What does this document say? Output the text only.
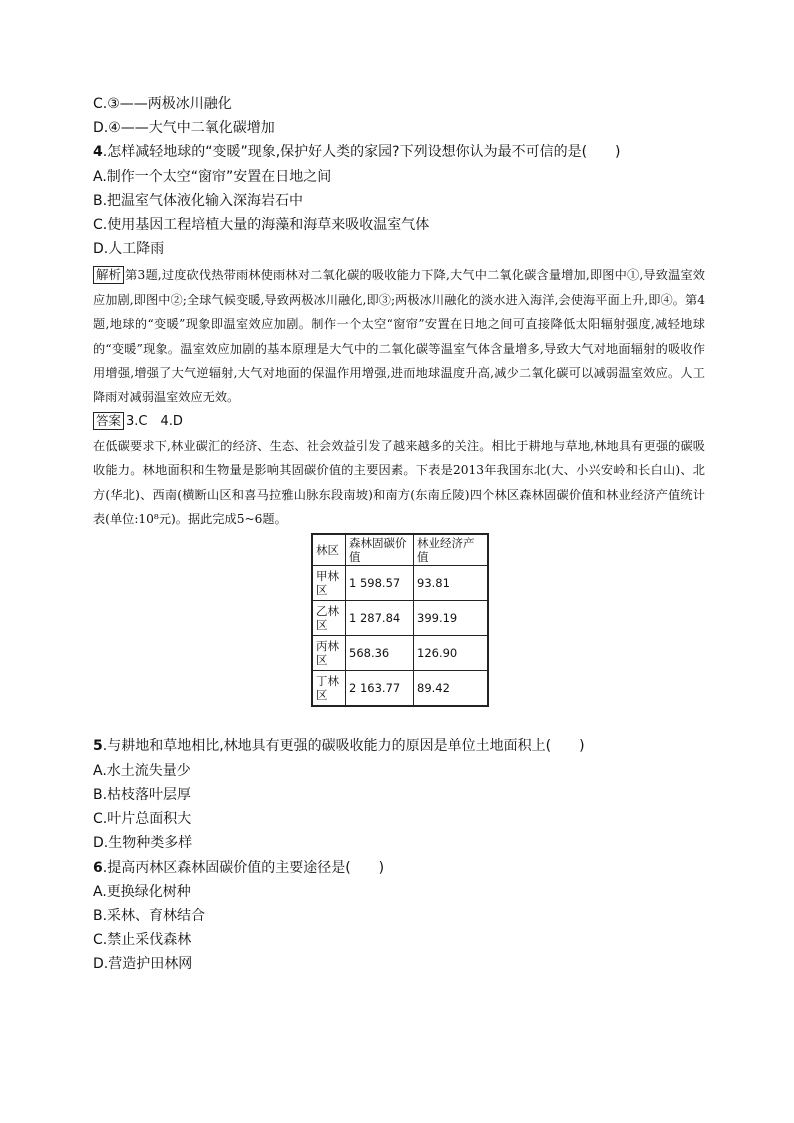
C.③——两极冰川融化
D.④——大气中二氧化碳增加
4.怎样减轻地球的“变暖”现象,保护好人类的家园?下列设想你认为最不可信的是(　　)
A.制作一个太空“窗帘”安置在日地之间
B.把温室气体液化输入深海岩石中
C.使用基因工程培植大量的海藻和海草来吸收温室气体
D.人工降雨
解析 第3题,过度砍伐热带雨林使雨林对二氧化碳的吸收能力下降,大气中二氧化碳含量增加,即图中①,导致温室效应加剧,即图中②;全球气候变暖,导致两极冰川融化,即③;两极冰川融化的淡水进入海洋,会使海平面上升,即④。第4题,地球的“变暖”现象即温室效应加剧。制作一个太空“窗帘”安置在日地之间可直接降低太阳辐射强度,减轻地球的“变暖”现象。温室效应加剧的基本原理是大气中的二氧化碳等温室气体含量增多,导致大气对地面辐射的吸收作用增强,增强了大气逆辐射,大气对地面的保温作用增强,进而地球温度升高,减少二氧化碳可以减弱温室效应。人工降雨对减弱温室效应无效。
答案 3.C　4.D
在低碳要求下,林业碳汇的经济、生态、社会效益引发了越来越多的关注。相比于耕地与草地,林地具有更强的碳吸收能力。林地面积和生物量是影响其固碳价值的主要因素。下表是2013年我国东北(大、小兴安岭和长白山)、北方(华北)、西南(横断山区和喜马拉雅山脉东段南坡)和南方(东南丘陵)四个林区森林固碳价值和林业经济产值统计表(单位:10⁸元)。据此完成5~6题。
林区	森林固碳价值	林业经济产值
甲林区	1 598.57	93.81
乙林区	1 287.84	399.19
丙林区	568.36	126.90
丁林区	2 163.77	89.42
5.与耕地和草地相比,林地具有更强的碳吸收能力的原因是单位土地面积上(　　)
A.水土流失量少
B.枯枝落叶层厚
C.叶片总面积大
D.生物种类多样
6.提高丙林区森林固碳价值的主要途径是(　　)
A.更换绿化树种
B.采林、育林结合
C.禁止采伐森林
D.营造护田林网
